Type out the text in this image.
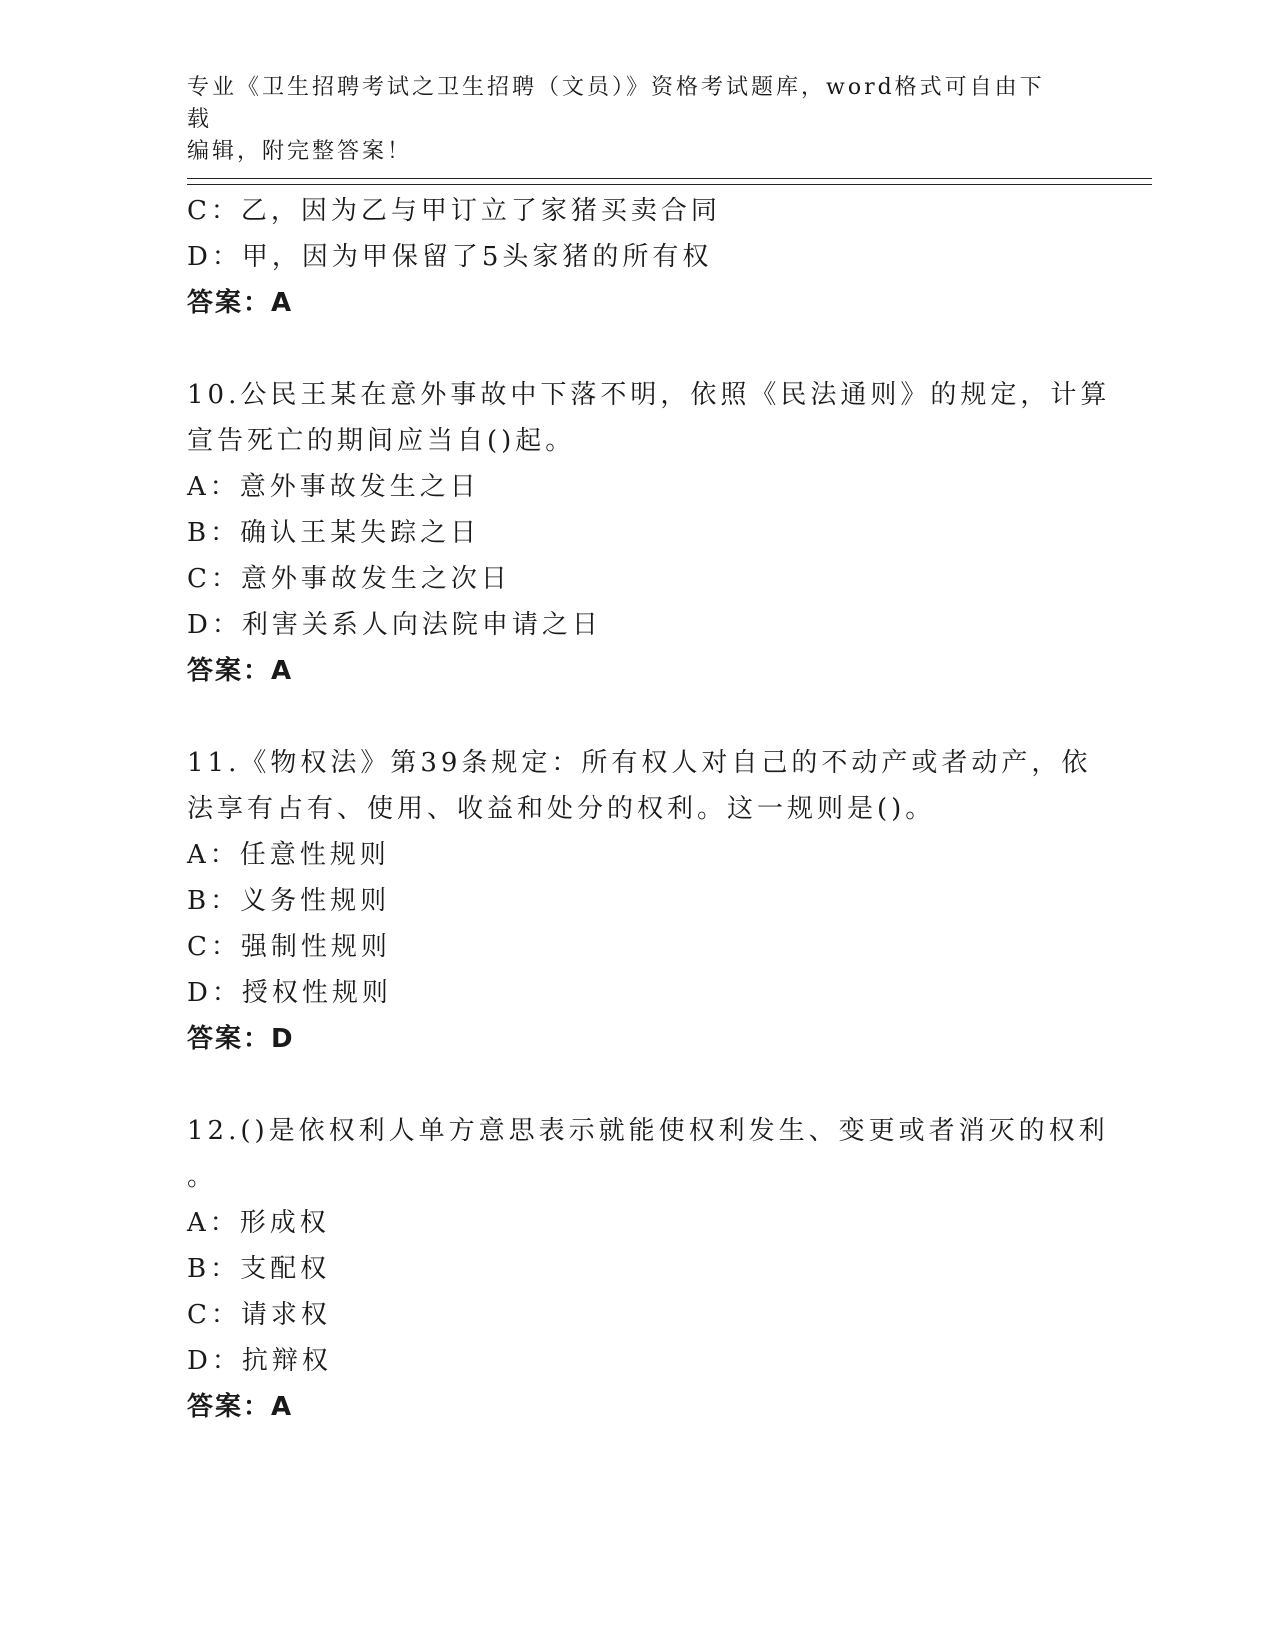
专业《卫生招聘考试之卫生招聘（文员）》资格考试题库，word格式可自由下载
编辑，附完整答案！
C：乙，因为乙与甲订立了家猪买卖合同
D：甲，因为甲保留了5头家猪的所有权
答案：A
10.公民王某在意外事故中下落不明，依照《民法通则》的规定，计算
宣告死亡的期间应当自()起。
A：意外事故发生之日
B：确认王某失踪之日
C：意外事故发生之次日
D：利害关系人向法院申请之日
答案：A
11.《物权法》第39条规定：所有权人对自己的不动产或者动产，依
法享有占有、使用、收益和处分的权利。这一规则是()。
A：任意性规则
B：义务性规则
C：强制性规则
D：授权性规则
答案：D
12.()是依权利人单方意思表示就能使权利发生、变更或者消灭的权利
。
A：形成权
B：支配权
C：请求权
D：抗辩权
答案：A
